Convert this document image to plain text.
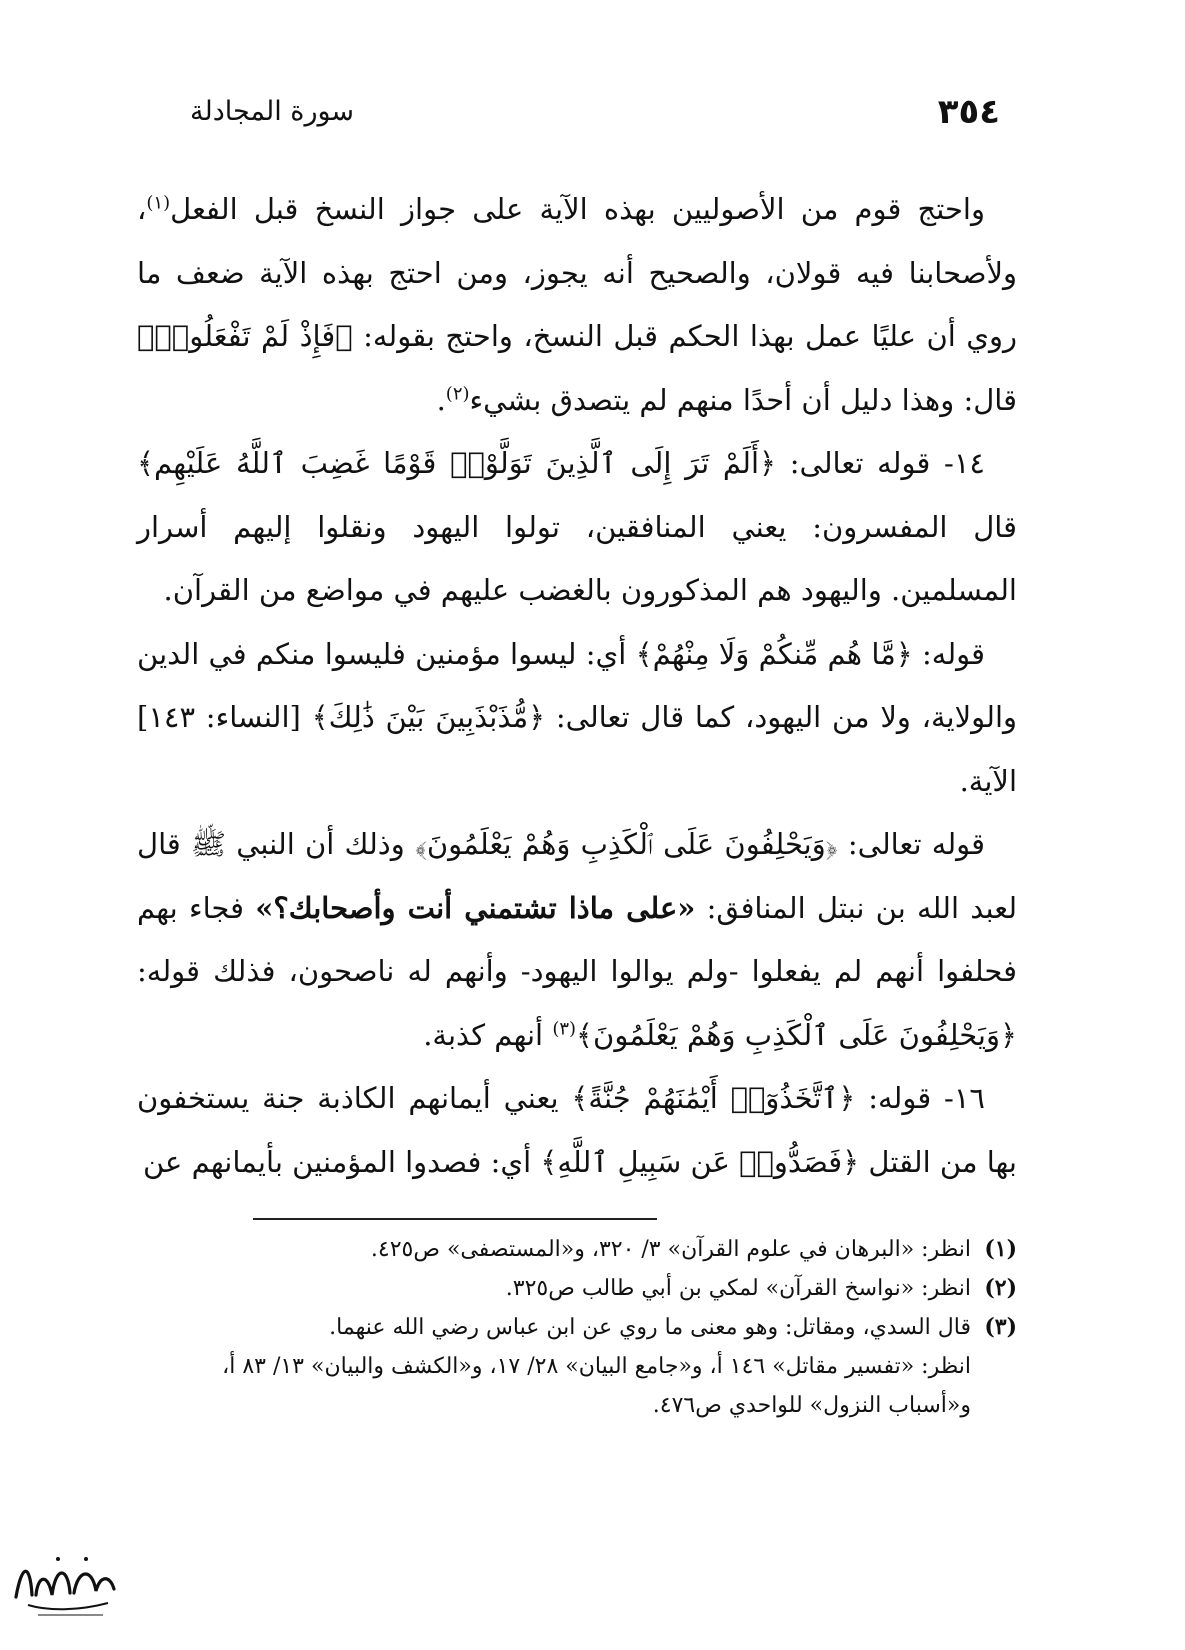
٣٥٤
سورة المجادلة

واحتج قوم من الأصوليين بهذه الآية على جواز النسخ قبل الفعل$^{(١)}$، ولأصحابنا فيه قولان، والصحيح أنه يجوز، ومن احتج بهذه الآية ضعف ما روي أن عليًا عمل بهذا الحكم قبل النسخ، واحتج بقوله: ﴿فَإِذْ لَمْ تَفْعَلُوا۟﴾ قال: وهذا دليل أن أحدًا منهم لم يتصدق بشيء$^{(٢)}$.

١٤- قوله تعالى: ﴿أَلَمْ تَرَ إِلَى ٱلَّذِينَ تَوَلَّوْا۟ قَوْمًا غَضِبَ ٱللَّهُ عَلَيْهِم﴾ قال المفسرون: يعني المنافقين، تولوا اليهود ونقلوا إليهم أسرار المسلمين. واليهود هم المذكورون بالغضب عليهم في مواضع من القرآن.

قوله: ﴿مَّا هُم مِّنكُمْ وَلَا مِنْهُمْ﴾ أي: ليسوا مؤمنين فليسوا منكم في الدين والولاية، ولا من اليهود، كما قال تعالى: ﴿مُّذَبْذَبِينَ بَيْنَ ذَٰلِكَ﴾ [النساء: ١٤٣] الآية.

قوله تعالى: ﴿وَيَحْلِفُونَ عَلَى ٱلْكَذِبِ وَهُمْ يَعْلَمُونَ﴾ وذلك أن النبي ﷺ قال لعبد الله بن نبتل المنافق: «على ماذا تشتمني أنت وأصحابك؟» فجاء بهم فحلفوا أنهم لم يفعلوا -ولم يوالوا اليهود- وأنهم له ناصحون، فذلك قوله: ﴿وَيَحْلِفُونَ عَلَى ٱلْكَذِبِ وَهُمْ يَعْلَمُونَ﴾$^{(٣)}$ أنهم كذبة.

١٦- قوله: ﴿ٱتَّخَذُوٓا۟ أَيْمَٰنَهُمْ جُنَّةً﴾ يعني أيمانهم الكاذبة جنة يستخفون بها من القتل ﴿فَصَدُّوا۟ عَن سَبِيلِ ٱللَّهِ﴾ أي: فصدوا المؤمنين بأيمانهم عن

(١)
انظر: «البرهان في علوم القرآن» ٣/ ٣٢٠، و«المستصفى» ص٤٢٥.

(٢)
انظر: «نواسخ القرآن» لمكي بن أبي طالب ص٣٢٥.

(٣)
قال السدي، ومقاتل: وهو معنى ما روي عن ابن عباس رضي الله عنهما.
انظر: «تفسير مقاتل» ١٤٦ أ، و«جامع البيان» ٢٨/ ١٧، و«الكشف والبيان» ١٣/ ٨٣ أ، و«أسباب النزول» للواحدي ص٤٧٦.
